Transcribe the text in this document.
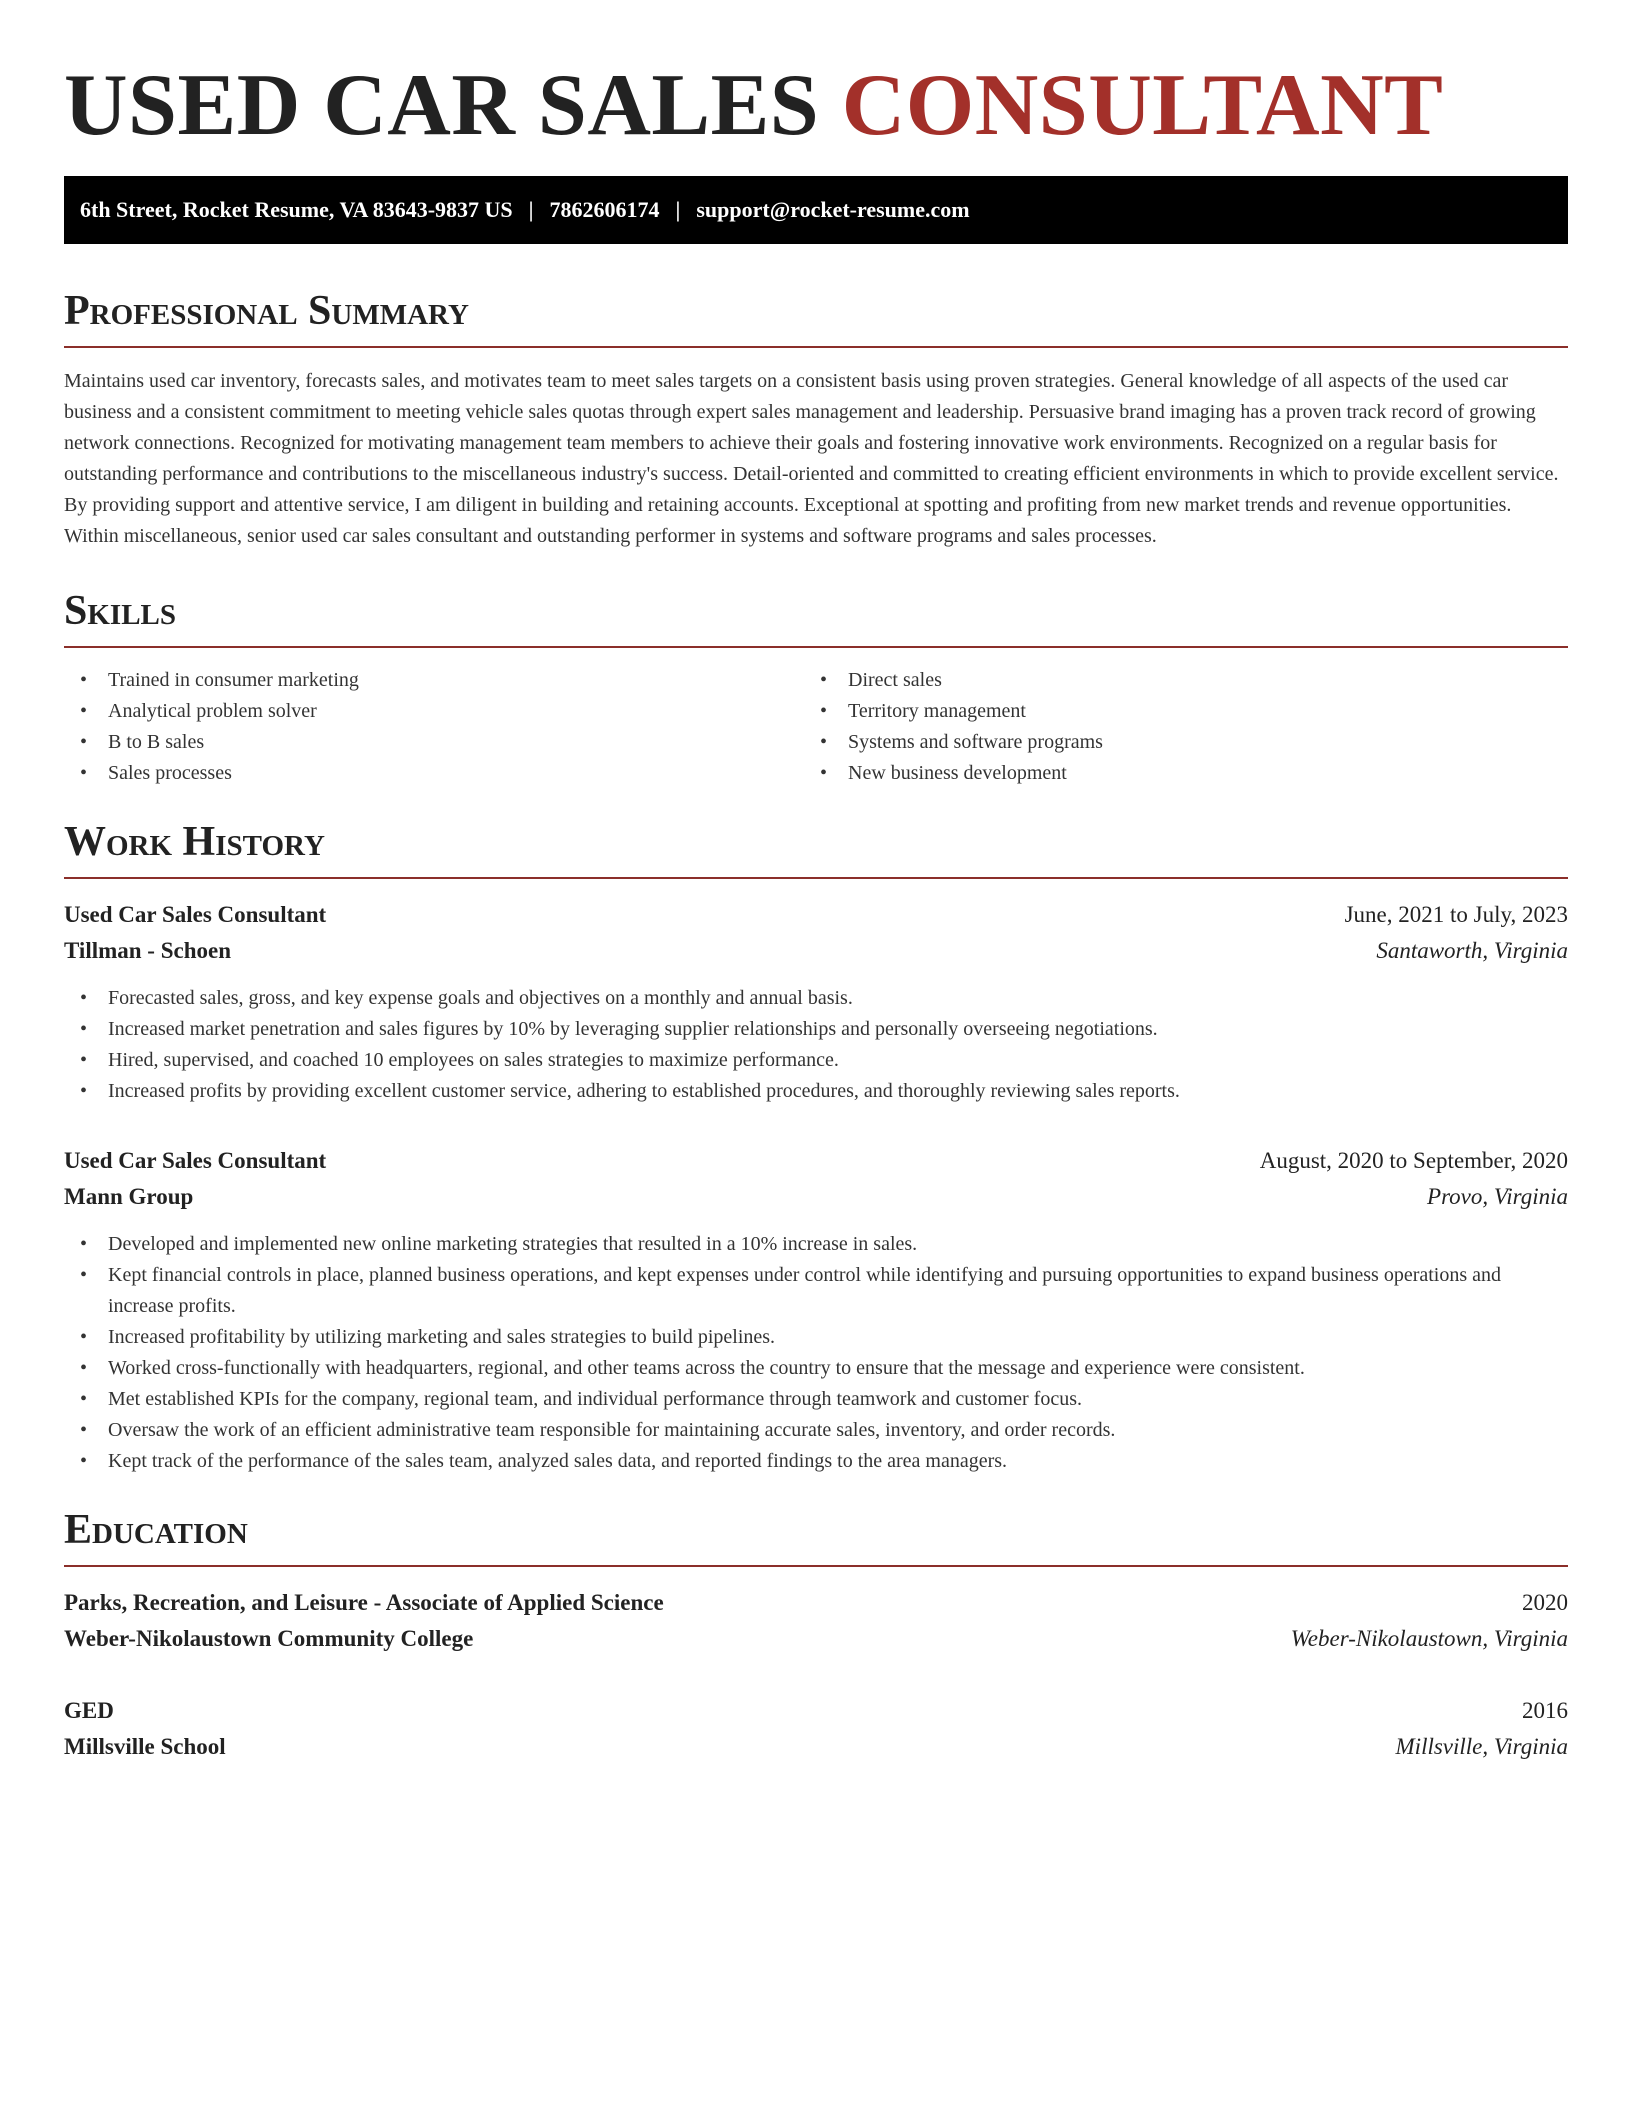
USED CAR SALES CONSULTANT
6th Street, Rocket Resume, VA 83643-9837 US | 7862606174 | support@rocket-resume.com
Professional Summary

Maintains used car inventory, forecasts sales, and motivates team to meet sales targets on a consistent basis using proven strategies. General knowledge of all aspects of the used car business and a consistent commitment to meeting vehicle sales quotas through expert sales management and leadership. Persuasive brand imaging has a proven track record of growing network connections. Recognized for motivating management team members to achieve their goals and fostering innovative work environments. Recognized on a regular basis for outstanding performance and contributions to the miscellaneous industry's success. Detail-oriented and committed to creating efficient environments in which to provide excellent service. By providing support and attentive service, I am diligent in building and retaining accounts. Exceptional at spotting and profiting from new market trends and revenue opportunities. Within miscellaneous, senior used car sales consultant and outstanding performer in systems and software programs and sales processes.

Skills
• Trained in consumer marketing
• Analytical problem solver
• B to B sales
• Sales processes
• Direct sales
• Territory management
• Systems and software programs
• New business development
Work History
Used Car Sales Consultant	June, 2021 to July, 2023
Tillman - Schoen	Santaworth, Virginia
• Forecasted sales, gross, and key expense goals and objectives on a monthly and annual basis.
• Increased market penetration and sales figures by 10% by leveraging supplier relationships and personally overseeing negotiations.
• Hired, supervised, and coached 10 employees on sales strategies to maximize performance.
• Increased profits by providing excellent customer service, adhering to established procedures, and thoroughly reviewing sales reports.
Used Car Sales Consultant	August, 2020 to September, 2020
Mann Group	Provo, Virginia
• Developed and implemented new online marketing strategies that resulted in a 10% increase in sales.
• Kept financial controls in place, planned business operations, and kept expenses under control while identifying and pursuing opportunities to expand business operations and increase profits.
• Increased profitability by utilizing marketing and sales strategies to build pipelines.
• Worked cross-functionally with headquarters, regional, and other teams across the country to ensure that the message and experience were consistent.
• Met established KPIs for the company, regional team, and individual performance through teamwork and customer focus.
• Oversaw the work of an efficient administrative team responsible for maintaining accurate sales, inventory, and order records.
• Kept track of the performance of the sales team, analyzed sales data, and reported findings to the area managers.
Education
Parks, Recreation, and Leisure - Associate of Applied Science	2020
Weber-Nikolaustown Community College	Weber-Nikolaustown, Virginia
GED	2016
Millsville School	Millsville, Virginia
